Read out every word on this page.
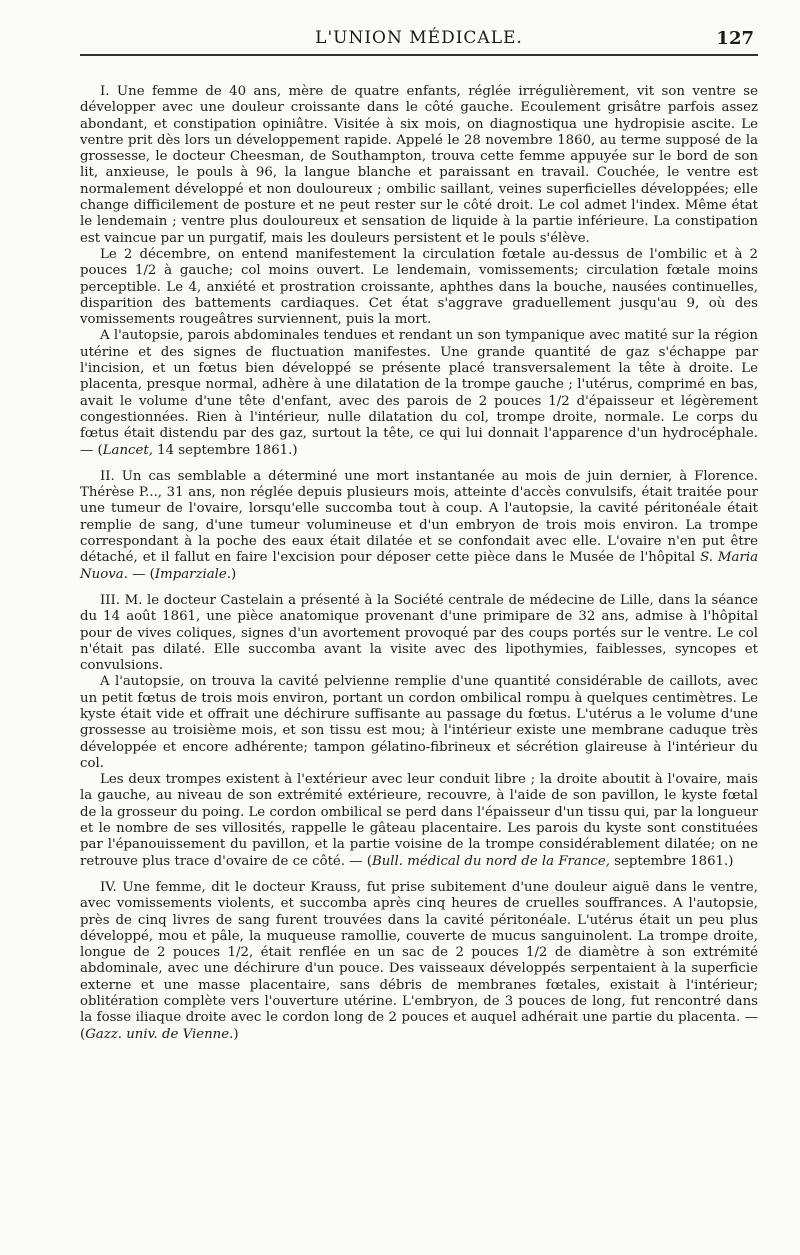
L'UNION MÉDICALE.	127

I. Une femme de 40 ans, mère de quatre enfants, réglée irrégulièrement, vit son ventre se développer avec une douleur croissante dans le côté gauche. Ecoulement grisâtre parfois assez abondant, et constipation opiniâtre. Visitée à six mois, on diagnostiqua une hydropisie ascite. Le ventre prit dès lors un développement rapide. Appelé le 28 novembre 1860, au terme supposé de la grossesse, le docteur Cheesman, de Southampton, trouva cette femme appuyée sur le bord de son lit, anxieuse, le pouls à 96, la langue blanche et paraissant en travail. Couchée, le ventre est normalement développé et non douloureux ; ombilic saillant, veines superficielles développées; elle change difficilement de posture et ne peut rester sur le côté droit. Le col admet l'index. Même état le lendemain ; ventre plus douloureux et sensation de liquide à la partie inférieure. La constipation est vaincue par un purgatif, mais les douleurs persistent et le pouls s'élève.

Le 2 décembre, on entend manifestement la circulation fœtale au-dessus de l'ombilic et à 2 pouces 1/2 à gauche; col moins ouvert. Le lendemain, vomissements; circulation fœtale moins perceptible. Le 4, anxiété et prostration croissante, aphthes dans la bouche, nausées continuelles, disparition des battements cardiaques. Cet état s'aggrave graduellement jusqu'au 9, où des vomissements rougeâtres surviennent, puis la mort.

A l'autopsie, parois abdominales tendues et rendant un son tympanique avec matité sur la région utérine et des signes de fluctuation manifestes. Une grande quantité de gaz s'échappe par l'incision, et un fœtus bien développé se présente placé transversalement la tête à droite. Le placenta, presque normal, adhère à une dilatation de la trompe gauche ; l'utérus, comprimé en bas, avait le volume d'une tête d'enfant, avec des parois de 2 pouces 1/2 d'épaisseur et légèrement congestionnées. Rien à l'intérieur, nulle dilatation du col, trompe droite, normale. Le corps du fœtus était distendu par des gaz, surtout la tête, ce qui lui donnait l'apparence d'un hydrocéphale. — (Lancet, 14 septembre 1861.)

II. Un cas semblable a déterminé une mort instantanée au mois de juin dernier, à Florence. Thérèse P..., 31 ans, non réglée depuis plusieurs mois, atteinte d'accès convulsifs, était traitée pour une tumeur de l'ovaire, lorsqu'elle succomba tout à coup. A l'autopsie, la cavité péritonéale était remplie de sang, d'une tumeur volumineuse et d'un embryon de trois mois environ. La trompe correspondant à la poche des eaux était dilatée et se confondait avec elle. L'ovaire n'en put être détaché, et il fallut en faire l'excision pour déposer cette pièce dans le Musée de l'hôpital S. Maria Nuova. — (Imparziale.)

III. M. le docteur Castelain a présenté à la Société centrale de médecine de Lille, dans la séance du 14 août 1861, une pièce anatomique provenant d'une primipare de 32 ans, admise à l'hôpital pour de vives coliques, signes d'un avortement provoqué par des coups portés sur le ventre. Le col n'était pas dilaté. Elle succomba avant la visite avec des lipothymies, faiblesses, syncopes et convulsions.

A l'autopsie, on trouva la cavité pelvienne remplie d'une quantité considérable de caillots, avec un petit fœtus de trois mois environ, portant un cordon ombilical rompu à quelques centimètres. Le kyste était vide et offrait une déchirure suffisante au passage du fœtus. L'utérus a le volume d'une grossesse au troisième mois, et son tissu est mou; à l'intérieur existe une membrane caduque très développée et encore adhérente; tampon gélatino-fibrineux et sécrétion glaireuse à l'intérieur du col.

Les deux trompes existent à l'extérieur avec leur conduit libre ; la droite aboutit à l'ovaire, mais la gauche, au niveau de son extrémité extérieure, recouvre, à l'aide de son pavillon, le kyste fœtal de la grosseur du poing. Le cordon ombilical se perd dans l'épaisseur d'un tissu qui, par la longueur et le nombre de ses villosités, rappelle le gâteau placentaire. Les parois du kyste sont constituées par l'épanouissement du pavillon, et la partie voisine de la trompe considérablement dilatée; on ne retrouve plus trace d'ovaire de ce côté. — (Bull. médical du nord de la France, septembre 1861.)

IV. Une femme, dit le docteur Krauss, fut prise subitement d'une douleur aiguë dans le ventre, avec vomissements violents, et succomba après cinq heures de cruelles souffrances. A l'autopsie, près de cinq livres de sang furent trouvées dans la cavité péritonéale. L'utérus était un peu plus développé, mou et pâle, la muqueuse ramollie, couverte de mucus sanguinolent. La trompe droite, longue de 2 pouces 1/2, était renflée en un sac de 2 pouces 1/2 de diamètre à son extrémité abdominale, avec une déchirure d'un pouce. Des vaisseaux développés serpentaient à la superficie externe et une masse placentaire, sans débris de membranes fœtales, existait à l'intérieur; oblitération complète vers l'ouverture utérine. L'embryon, de 3 pouces de long, fut rencontré dans la fosse iliaque droite avec le cordon long de 2 pouces et auquel adhérait une partie du placenta. — (Gazz. univ. de Vienne.)
